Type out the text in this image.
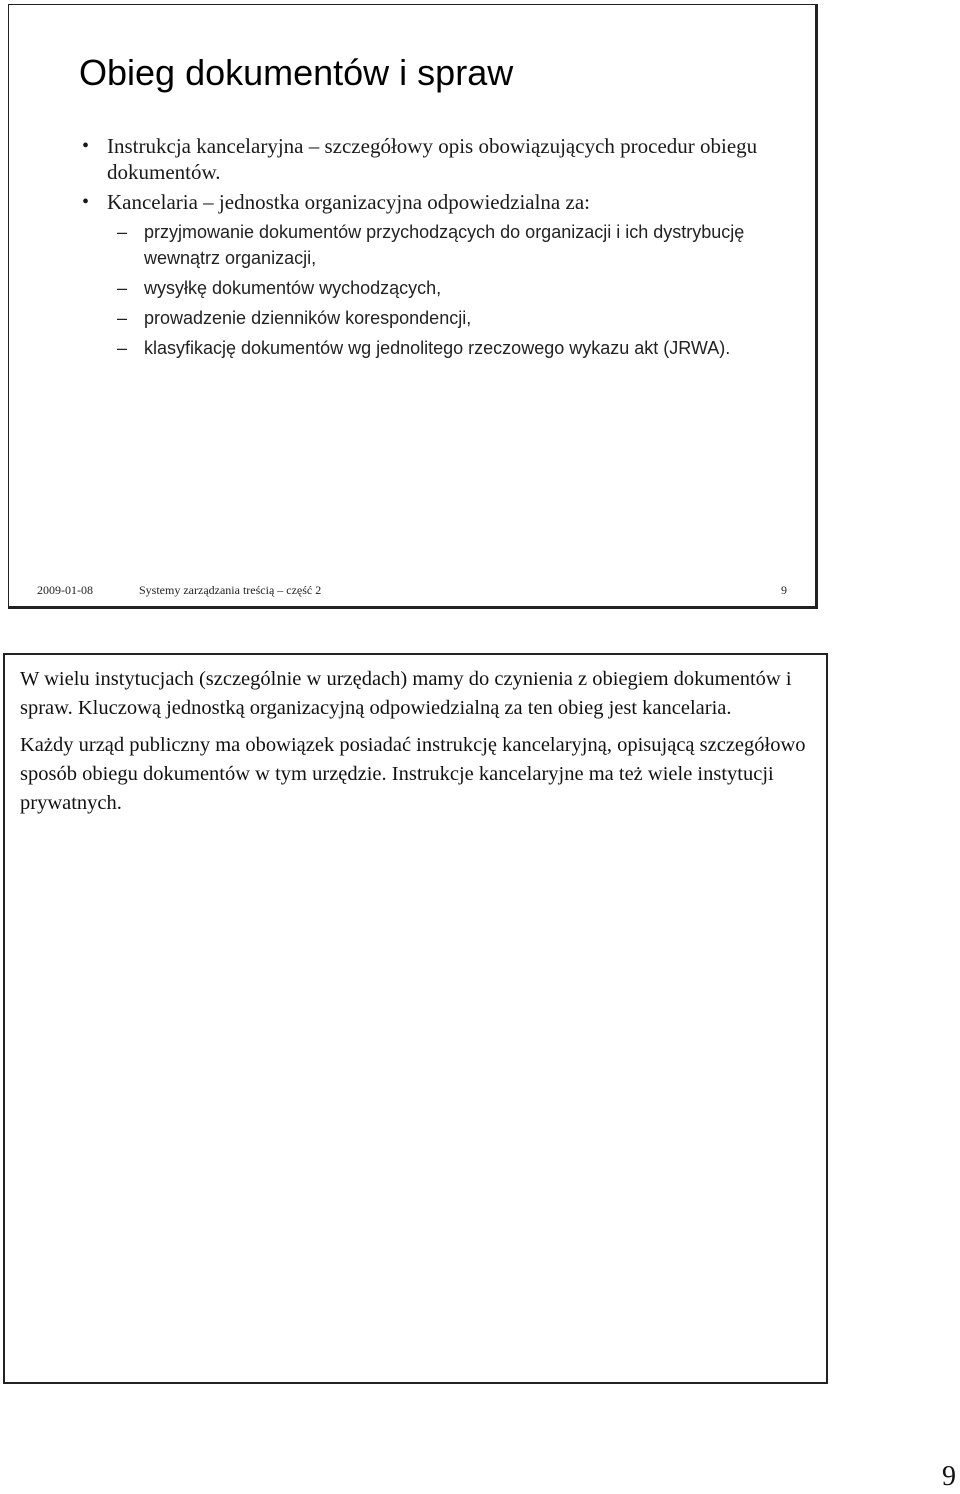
Obieg dokumentów i spraw
• Instrukcja kancelaryjna – szczegółowy opis obowiązujących procedur obiegu dokumentów.
• Kancelaria – jednostka organizacyjna odpowiedzialna za:
– przyjmowanie dokumentów przychodzących do organizacji i ich dystrybucję wewnątrz organizacji,
– wysyłkę dokumentów wychodzących,
– prowadzenie dzienników korespondencji,
– klasyfikację dokumentów wg jednolitego rzeczowego wykazu akt (JRWA).
2009-01-08	Systemy zarządzania treścią – część 2	9

W wielu instytucjach (szczególnie w urzędach) mamy do czynienia z obiegiem dokumentów i spraw. Kluczową jednostką organizacyjną odpowiedzialną za ten obieg jest kancelaria.

Każdy urząd publiczny ma obowiązek posiadać instrukcję kancelaryjną, opisującą szczegółowo sposób obiegu dokumentów w tym urzędzie. Instrukcje kancelaryjne ma też wiele instytucji prywatnych.

9
